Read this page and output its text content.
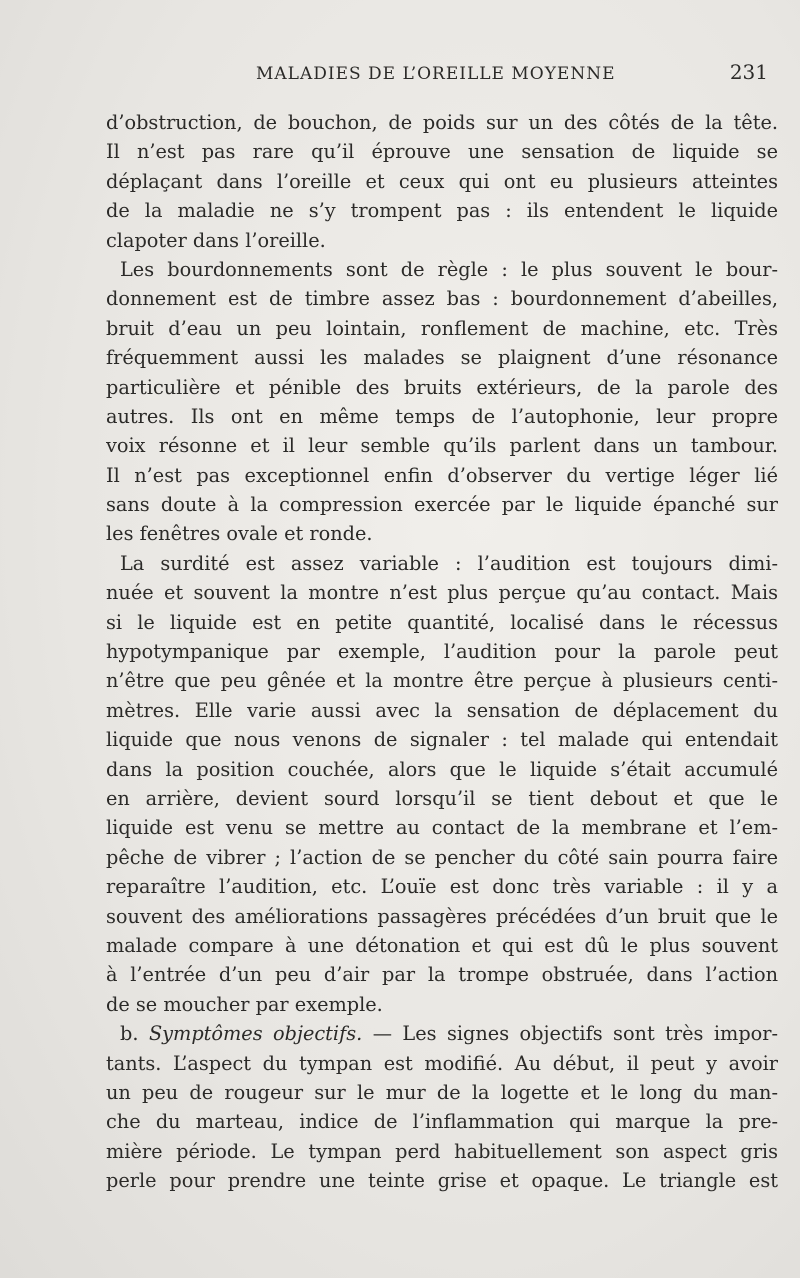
MALADIES DE L’OREILLE MOYENNE	231
d’obstruction, de bouchon, de poids sur un des côtés de la tête.
Il n’est pas rare qu’il éprouve une sensation de liquide se
déplaçant dans l’oreille et ceux qui ont eu plusieurs atteintes
de la maladie ne s’y trompent pas : ils entendent le liquide
clapoter dans l’oreille.
Les bourdonnements sont de règle : le plus souvent le bour-
donnement est de timbre assez bas : bourdonnement d’abeilles,
bruit d’eau un peu lointain, ronflement de machine, etc. Très
fréquemment aussi les malades se plaignent d’une résonance
particulière et pénible des bruits extérieurs, de la parole des
autres. Ils ont en même temps de l’autophonie, leur propre
voix résonne et il leur semble qu’ils parlent dans un tambour.
Il n’est pas exceptionnel enfin d’observer du vertige léger lié
sans doute à la compression exercée par le liquide épanché sur
les fenêtres ovale et ronde.
La surdité est assez variable : l’audition est toujours dimi-
nuée et souvent la montre n’est plus perçue qu’au contact. Mais
si le liquide est en petite quantité, localisé dans le récessus
hypotympanique par exemple, l’audition pour la parole peut
n’être que peu gênée et la montre être perçue à plusieurs centi-
mètres. Elle varie aussi avec la sensation de déplacement du
liquide que nous venons de signaler : tel malade qui entendait
dans la position couchée, alors que le liquide s’était accumulé
en arrière, devient sourd lorsqu’il se tient debout et que le
liquide est venu se mettre au contact de la membrane et l’em-
pêche de vibrer ; l’action de se pencher du côté sain pourra faire
reparaître l’audition, etc. L’ouïe est donc très variable : il y a
souvent des améliorations passagères précédées d’un bruit que le
malade compare à une détonation et qui est dû le plus souvent
à l’entrée d’un peu d’air par la trompe obstruée, dans l’action
de se moucher par exemple.
b. Symptômes objectifs. — Les signes objectifs sont très impor-
tants. L’aspect du tympan est modifié. Au début, il peut y avoir
un peu de rougeur sur le mur de la logette et le long du man-
che du marteau, indice de l’inflammation qui marque la pre-
mière période. Le tympan perd habituellement son aspect gris
perle pour prendre une teinte grise et opaque. Le triangle est
